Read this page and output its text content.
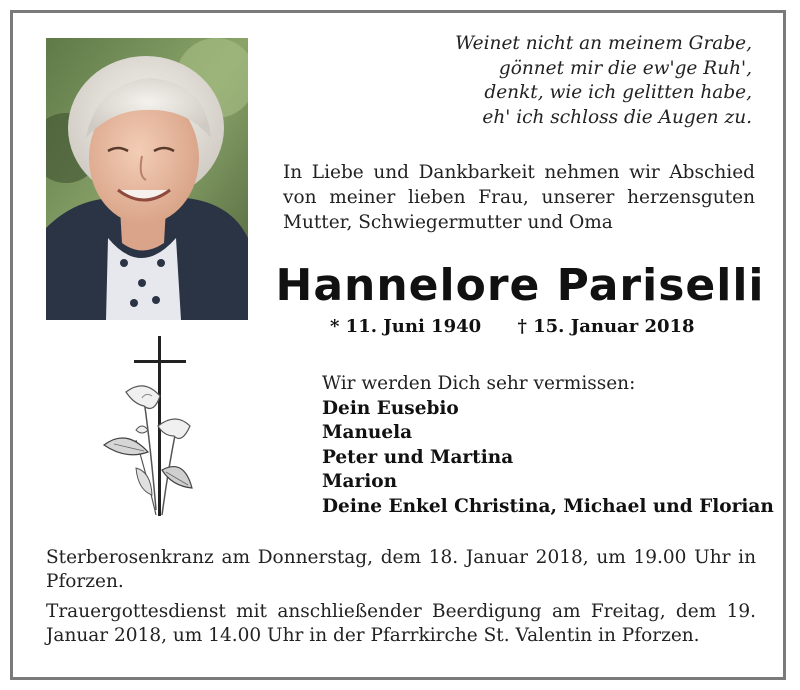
Weinet nicht an meinem Grabe,
gönnet mir die ew'ge Ruh',
denkt, wie ich gelitten habe,
eh' ich schloss die Augen zu.
In Liebe und Dankbarkeit nehmen wir Abschied von meiner lieben Frau, unserer herzensguten Mutter, Schwiegermutter und Oma
Hannelore Pariselli
* 11. Juni 1940 † 15. Januar 2018
Wir werden Dich sehr vermissen:
Dein Eusebio
Manuela
Peter und Martina
Marion
Deine Enkel Christina, Michael und Florian
Sterberosenkranz am Donnerstag, dem 18. Januar 2018, um 19.00 Uhr in Pforzen.
Trauergottesdienst mit anschließender Beerdigung am Freitag, dem 19. Januar 2018, um 14.00 Uhr in der Pfarrkirche St. Valentin in Pforzen.
